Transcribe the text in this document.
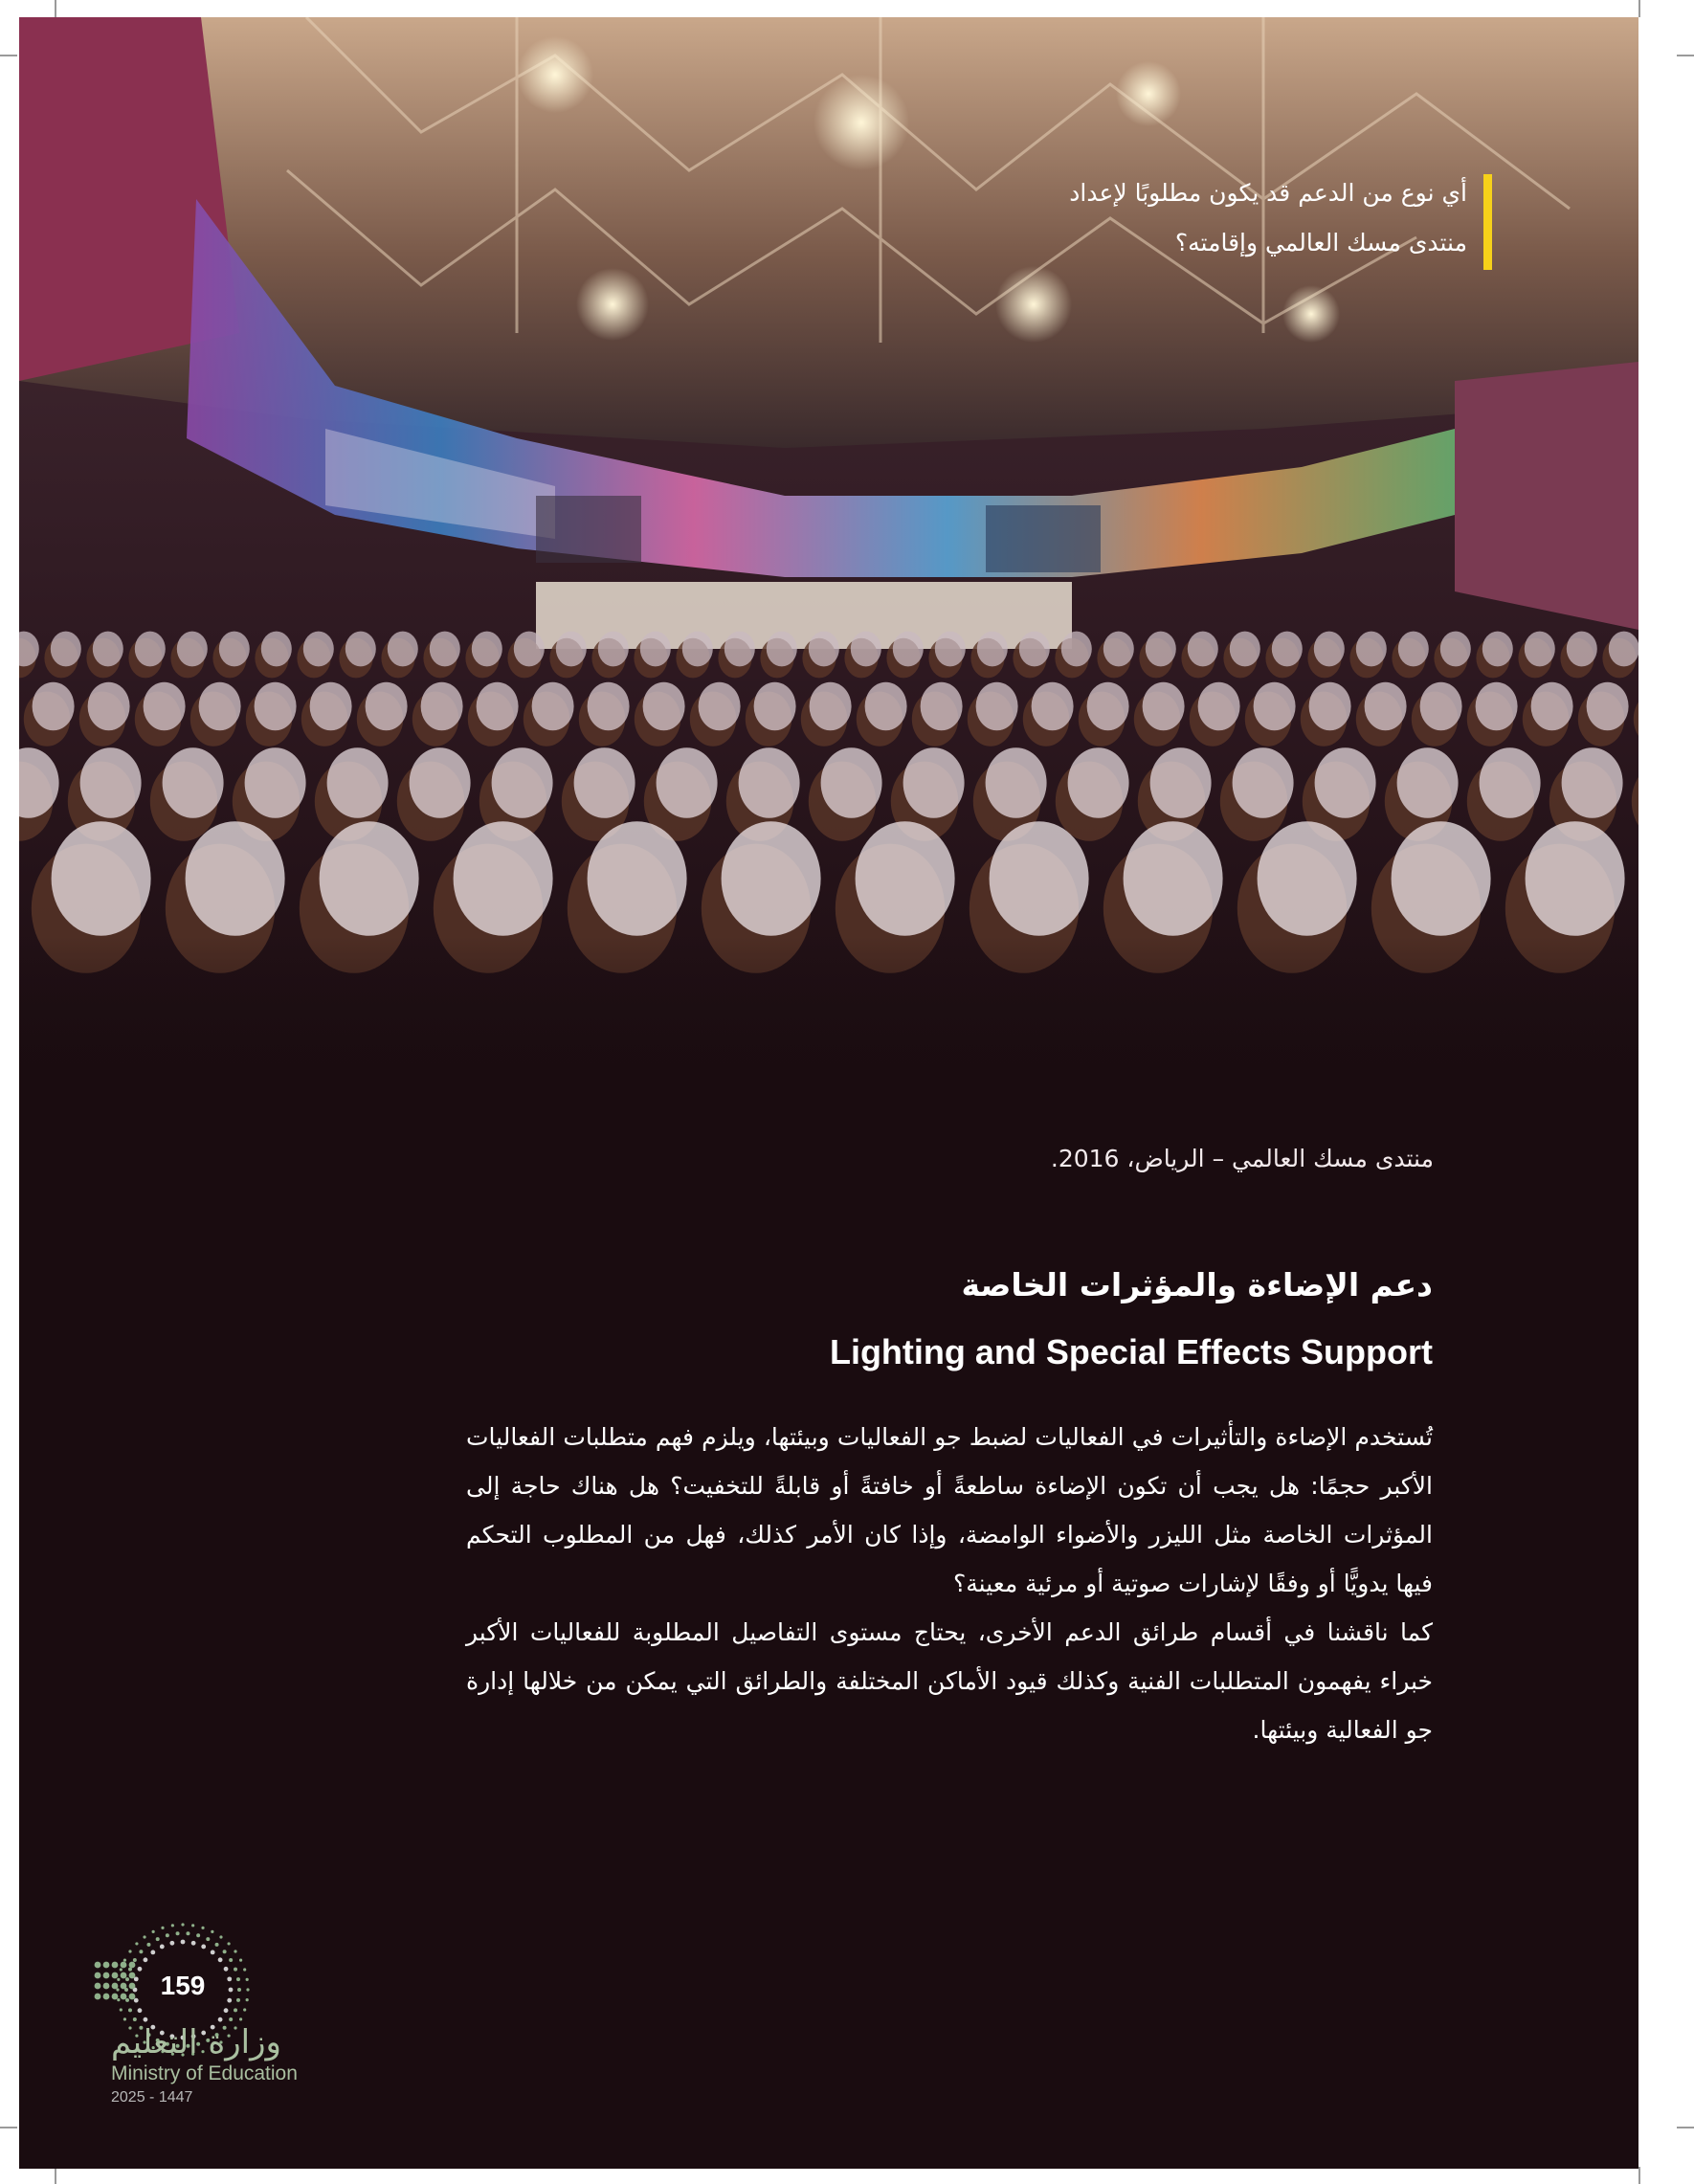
أي نوع من الدعم قد يكون مطلوبًا لإعداد
منتدى مسك العالمي وإقامته؟
منتدى مسك العالمي – الرياض، 2016.
دعم الإضاءة والمؤثرات الخاصة
Lighting and Special Effects Support

تُستخدم الإضاءة والتأثيرات في الفعاليات لضبط جو الفعاليات وبيئتها، ويلزم فهم متطلبات الفعاليات الأكبر حجمًا: هل يجب أن تكون الإضاءة ساطعةً أو خافتةً أو قابلةً للتخفيت؟ هل هناك حاجة إلى المؤثرات الخاصة مثل الليزر والأضواء الوامضة، وإذا كان الأمر كذلك، فهل من المطلوب التحكم فيها يدويًّا أو وفقًا لإشارات صوتية أو مرئية معينة؟

كما ناقشنا في أقسام طرائق الدعم الأخرى، يحتاج مستوى التفاصيل المطلوبة للفعاليات الأكبر خبراء يفهمون المتطلبات الفنية وكذلك قيود الأماكن المختلفة والطرائق التي يمكن من خلالها إدارة جو الفعالية وبيئتها.

159
وزارة التعليم
Ministry of Education
2025 - 1447
